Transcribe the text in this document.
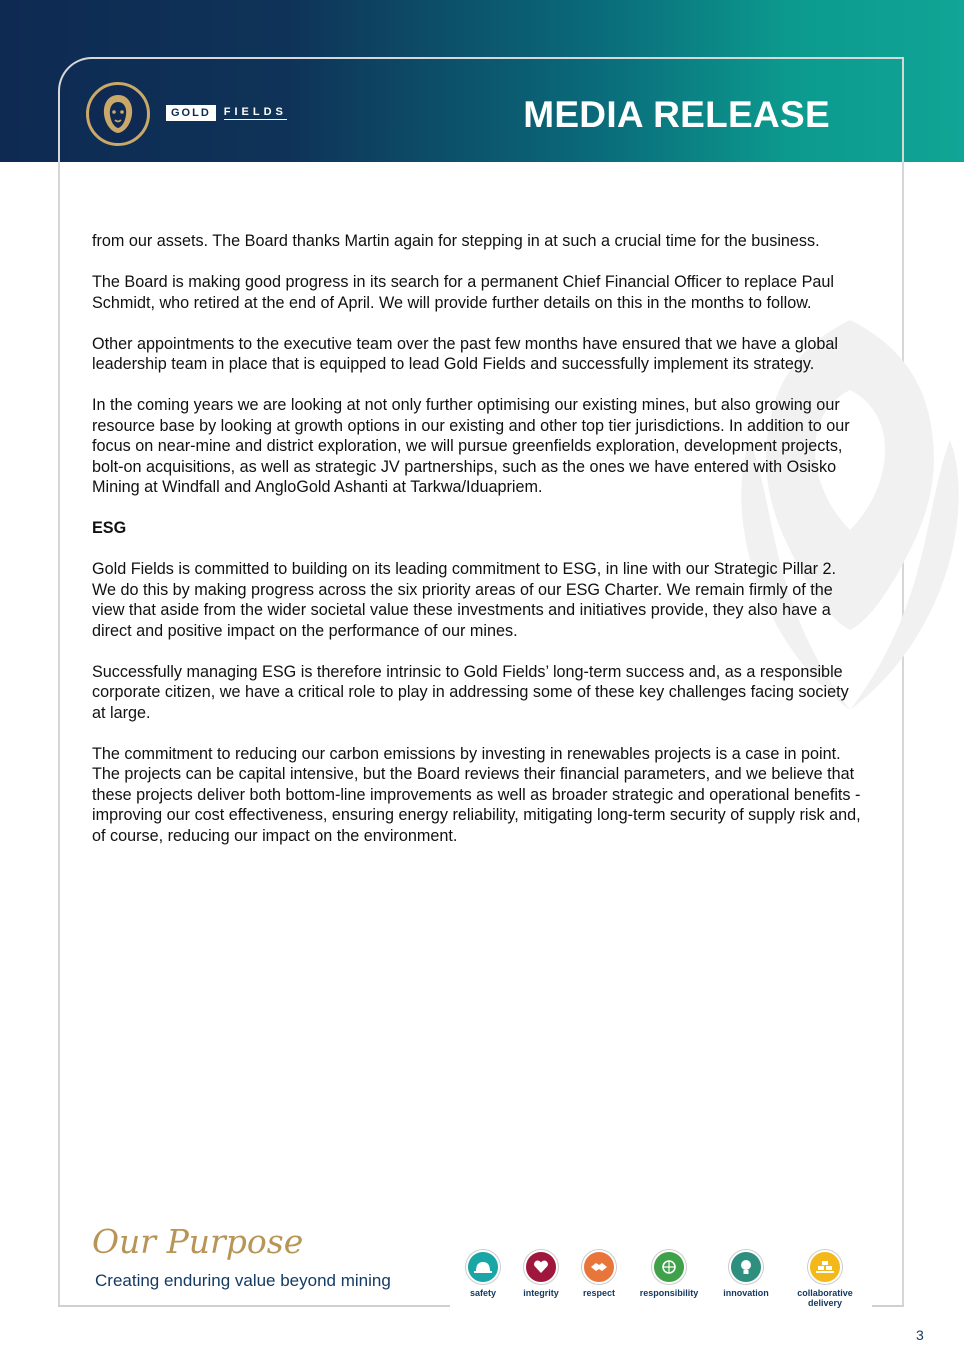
GOLD	FIELDS	MEDIA RELEASE

from our assets. The Board thanks Martin again for stepping in at such a crucial time for the business.

The Board is making good progress in its search for a permanent Chief Financial Officer to replace Paul Schmidt, who retired at the end of April. We will provide further details on this in the months to follow.

Other appointments to the executive team over the past few months have ensured that we have a global leadership team in place that is equipped to lead Gold Fields and successfully implement its strategy.

In the coming years we are looking at not only further optimising our existing mines, but also growing our resource base by looking at growth options in our existing and other top tier jurisdictions. In addition to our focus on near-mine and district exploration, we will pursue greenfields exploration, development projects, bolt-on acquisitions, as well as strategic JV partnerships, such as the ones we have entered with Osisko Mining at Windfall and AngloGold Ashanti at Tarkwa/Iduapriem.

ESG

Gold Fields is committed to building on its leading commitment to ESG, in line with our Strategic Pillar 2. We do this by making progress across the six priority areas of our ESG Charter. We remain firmly of the view that aside from the wider societal value these investments and initiatives provide, they also have a direct and positive impact on the performance of our mines.

Successfully managing ESG is therefore intrinsic to Gold Fields’ long-term success and, as a responsible corporate citizen, we have a critical role to play in addressing some of these key challenges facing society at large.

The commitment to reducing our carbon emissions by investing in renewables projects is a case in point. The projects can be capital intensive, but the Board reviews their financial parameters, and we believe that these projects deliver both bottom-line improvements as well as broader strategic and operational benefits - improving our cost effectiveness, ensuring energy reliability, mitigating long-term security of supply risk and, of course, reducing our impact on the environment.

Our Purpose
Creating enduring value beyond mining
safety	integrity	respect	responsibility	innovation	collaborative delivery
3
